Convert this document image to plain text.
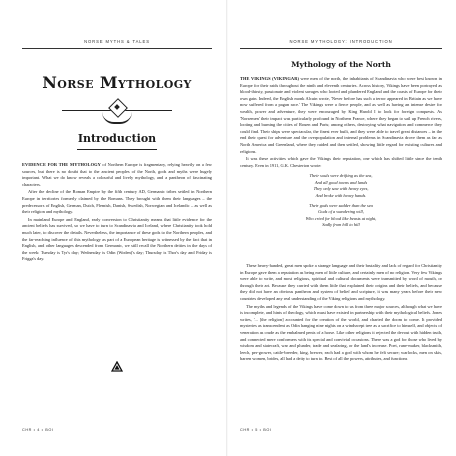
NORSE MYTHS & TALES
Norse Mythology
Introduction

EVIDENCE FOR THE MYTHOLOGY of Northern Europe is fragmentary, relying heavily on a few sources, but there is no doubt that to the ancient peoples of the North, gods and myths were hugely important. What we do know reveals a colourful and lively mythology, and a pantheon of fascinating characters.

After the decline of the Roman Empire by the fifth century AD, Germanic tribes settled in Northern Europe in territories formerly claimed by the Romans. They brought with them their languages – the predecessors of English, German, Dutch, Flemish, Danish, Swedish, Norwegian and Icelandic – as well as their religion and mythology.

In mainland Europe and England, early conversion to Christianity means that little evidence for the ancient beliefs has survived, so we have to turn to Scandinavia and Iceland, where Christianity took hold much later, to discover the details. Nevertheless, the importance of these gods to the Northern peoples, and the far-reaching influence of this mythology as part of a European heritage is witnessed by the fact that in English, and other languages descended from Germanic, we still recall the Northern deities in the days of the week: Tuesday is Tyr's day; Wednesday is Odin (Woden)'s day; Thursday is Thor's day and Friday is Frigga's day.

CHR • 4 • BOI
NORSE MYTHOLOGY: INTRODUCTION
Mythology of the North

THE VIKINGS (VIKINGAR) were men of the north, the inhabitants of Scandinavia who were best known in Europe for their raids throughout the ninth and eleventh centuries. Across history, Vikings have been portrayed as blood-thirsty, passionate and violent savages who looted and plundered England and the coasts of Europe for their own gain. Indeed, the English monk Alcuin wrote, 'Never before has such a terror appeared in Britain as we have now suffered from a pagan race.' The Vikings were a fierce people, and as well as having an intense desire for wealth, power and adventure, they were encouraged by King Harold I to look for foreign conquests. As 'Norsemen' their impact was particularly profound in Northern France, where they began to sail up French rivers, looting and burning the cities of Rouen and Paris; among others, destroying what navigation and commerce they could find. Their ships were spectacular, the finest ever built, and they were able to travel great distances – in the end their quest for adventure and the overpopulation and internal problems in Scandinavia drove them as far as North America and Greenland, where they raided and then settled, showing little regard for existing cultures and religions.

It was these activities which gave the Vikings their reputation, one which has shifted little since the tenth century. Even in 1911, G.K. Chesterton wrote:

Their souls were drifting as the sea,
And all good towns and lands
They only saw with heavy eyes,
And broke with heavy hands.
Their gods were sadder than the sea
Gods of a wandering will,
Who cried for blood like beasts at night,
Sadly from hill to hill

These heavy-handed, great men spoke a strange language and their brutality and lack of regard for Christianity in Europe gave them a reputation as being men of little culture, and certainly men of no religion. Very few Vikings were able to write, and most religious, spiritual and cultural documents were transmitted by word of mouth, or through their art. Because they carried with them little that explained their origins and their beliefs, and because they did not have an obvious pantheon and system of belief and scripture, it was many years before their new countries developed any real understanding of the Viking religions and mythology.

The myths and legends of the Vikings have come down to us from three major sources, although what we have is incomplete, and hints of theology, which must have existed in partnership with their mythological beliefs. Jones writes, '... [the religion] accounted for the creation of the world, and charted the doom to come. It provided mysteries as transcendent as Odin hanging nine nights on a windswept tree as a sacrifice to himself, and objects of veneration as crude as the embalmed penis of a horse. Like other religions it rejected the devout with hidden truth, and connected mere conformers with its special and convivial occasions. There was a god for those who lived by wisdom and statecraft, war and plunder, trade and seafaring, or the land's increase. Poet, rune-maker, blacksmith, leech, per-grower, cattle-breeder, king, brewer, each had a god with whom he felt secure; warlocks, men on skis, barren women, brides, all had a deity to turn to. Best of all the powers, attributes, and functions

CHR • 5 • BOI
